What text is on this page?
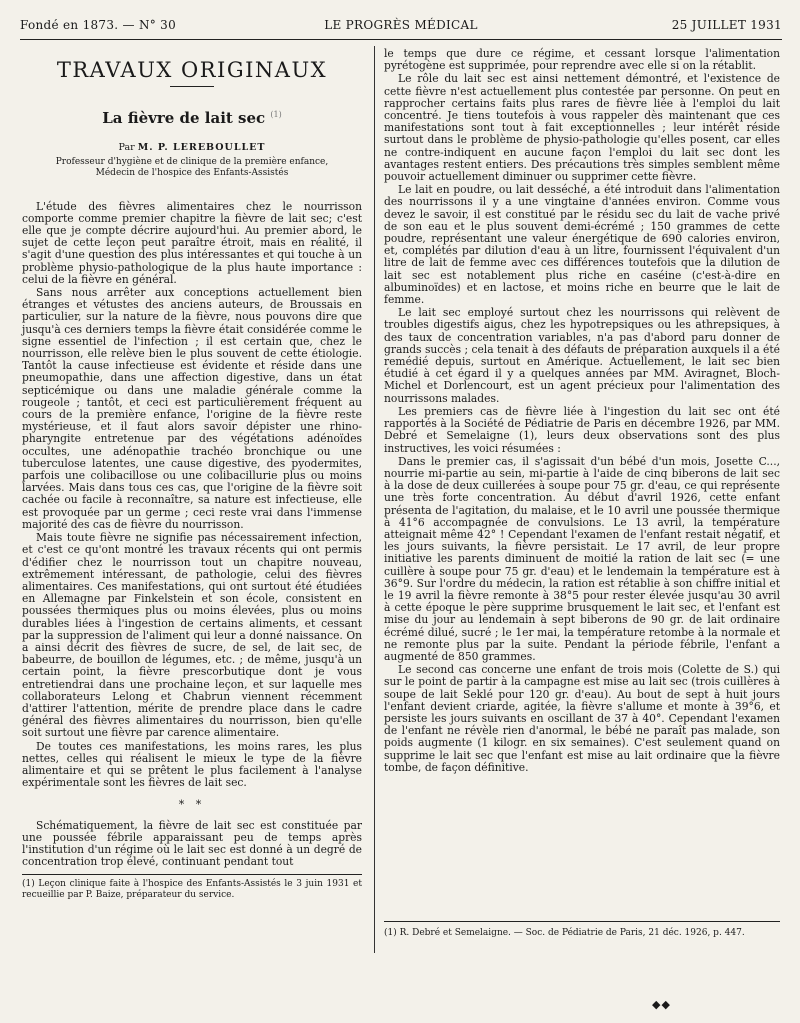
Fondé en 1873. — N° 30	LE PROGRÈS MÉDICAL	25 JUILLET 1931
TRAVAUX ORIGINAUX
La fièvre de lait sec $^{(1)}$
Par M. P. LEREBOULLET
Professeur d'hygiène et de clinique de la première enfance,
Médecin de l'hospice des Enfants-Assistés

L'étude des fièvres alimentaires chez le nourrisson comporte comme premier chapitre la fièvre de lait sec; c'est elle que je compte décrire aujourd'hui. Au premier abord, le sujet de cette leçon peut paraître étroit, mais en réalité, il s'agit d'une question des plus intéressantes et qui touche à un problème physio-pathologique de la plus haute importance : celui de la fièvre en général.

Sans nous arrêter aux conceptions actuellement bien étranges et vétustes des anciens auteurs, de Broussais en particulier, sur la nature de la fièvre, nous pouvons dire que jusqu'à ces derniers temps la fièvre était considérée comme le signe essentiel de l'infection ; il est certain que, chez le nourrisson, elle relève bien le plus souvent de cette étiologie. Tantôt la cause infectieuse est évidente et réside dans une pneumopathie, dans une affection digestive, dans un état septicémique ou dans une maladie générale comme la rougeole ; tantôt, et ceci est particulièrement fréquent au cours de la première enfance, l'origine de la fièvre reste mystérieuse, et il faut alors savoir dépister une rhino-pharyngite entretenue par des végétations adénoïdes occultes, une adénopathie trachéo bronchique ou une tuberculose latentes, une cause digestive, des pyodermites, parfois une colibacillose ou une colibacillurie plus ou moins larvées. Mais dans tous ces cas, que l'origine de la fièvre soit cachée ou facile à reconnaître, sa nature est infectieuse, elle est provoquée par un germe ; ceci reste vrai dans l'immense majorité des cas de fièvre du nourrisson.

Mais toute fièvre ne signifie pas nécessairement infection, et c'est ce qu'ont montré les travaux récents qui ont permis d'édifier chez le nourrisson tout un chapitre nouveau, extrêmement intéressant, de pathologie, celui des fièvres alimentaires. Ces manifestations, qui ont surtout été étudiées en Allemagne par Finkelstein et son école, consistent en poussées thermiques plus ou moins élevées, plus ou moins durables liées à l'ingestion de certains aliments, et cessant par la suppression de l'aliment qui leur a donné naissance. On a ainsi décrit des fièvres de sucre, de sel, de lait sec, de babeurre, de bouillon de légumes, etc. ; de même, jusqu'à un certain point, la fièvre prescorbutique dont je vous entretiendrai dans une prochaine leçon, et sur laquelle mes collaborateurs Lelong et Chabrun viennent récemment d'attirer l'attention, mérite de prendre place dans le cadre général des fièvres alimentaires du nourrisson, bien qu'elle soit surtout une fièvre par carence alimentaire.

De toutes ces manifestations, les moins rares, les plus nettes, celles qui réalisent le mieux le type de la fièvre alimentaire et qui se prêtent le plus facilement à l'analyse expérimentale sont les fièvres de lait sec.

* *

Schématiquement, la fièvre de lait sec est constituée par une poussée fébrile apparaissant peu de temps après l'institution d'un régime où le lait sec est donné à un degré de concentration trop élevé, continuant pendant tout

(1) Leçon clinique faite à l'hospice des Enfants-Assistés le 3 juin 1931 et recueillie par P. Baize, préparateur du service.

le temps que dure ce régime, et cessant lorsque l'alimentation pyrétogène est supprimée, pour reprendre avec elle si on la rétablit.

Le rôle du lait sec est ainsi nettement démontré, et l'existence de cette fièvre n'est actuellement plus contestée par personne. On peut en rapprocher certains faits plus rares de fièvre liée à l'emploi du lait concentré. Je tiens toutefois à vous rappeler dès maintenant que ces manifestations sont tout à fait exceptionnelles ; leur intérêt réside surtout dans le problème de physio-pathologie qu'elles posent, car elles ne contre-indiquent en aucune façon l'emploi du lait sec dont les avantages restent entiers. Des précautions très simples semblent même pouvoir actuellement diminuer ou supprimer cette fièvre.

Le lait en poudre, ou lait desséché, a été introduit dans l'alimentation des nourrissons il y a une vingtaine d'années environ. Comme vous devez le savoir, il est constitué par le résidu sec du lait de vache privé de son eau et le plus souvent demi-écrémé ; 150 grammes de cette poudre, représentant une valeur énergétique de 690 calories environ, et, complétés par dilution d'eau à un litre, fournissent l'équivalent d'un litre de lait de femme avec ces différences toutefois que la dilution de lait sec est notablement plus riche en caséine (c'est-à-dire en albuminoïdes) et en lactose, et moins riche en beurre que le lait de femme.

Le lait sec employé surtout chez les nourrissons qui relèvent de troubles digestifs aigus, chez les hypotrepsiques ou les athrepsiques, à des taux de concentration variables, n'a pas d'abord paru donner de grands succès ; cela tenait à des défauts de préparation auxquels il a été remédié depuis, surtout en Amérique. Actuellement, le lait sec bien étudié à cet égard il y a quelques années par MM. Aviragnet, Bloch-Michel et Dorlencourt, est un agent précieux pour l'alimentation des nourrissons malades.

Les premiers cas de fièvre liée à l'ingestion du lait sec ont été rapportés à la Société de Pédiatrie de Paris en décembre 1926, par MM. Debré et Semelaigne (1), leurs deux observations sont des plus instructives, les voici résumées :

Dans le premier cas, il s'agissait d'un bébé d'un mois, Josette C..., nourrie mi-partie au sein, mi-partie à l'aide de cinq biberons de lait sec à la dose de deux cuillerées à soupe pour 75 gr. d'eau, ce qui représente une très forte concentration. Au début d'avril 1926, cette enfant présenta de l'agitation, du malaise, et le 10 avril une poussée thermique à 41°6 accompagnée de convulsions. Le 13 avril, la température atteignait même 42° ! Cependant l'examen de l'enfant restait négatif, et les jours suivants, la fièvre persistait. Le 17 avril, de leur propre initiative les parents diminuent de moitié la ration de lait sec (= une cuillère à soupe pour 75 gr. d'eau) et le lendemain la température est à 36°9. Sur l'ordre du médecin, la ration est rétablie à son chiffre initial et le 19 avril la fièvre remonte à 38°5 pour rester élevée jusqu'au 30 avril à cette époque le père supprime brusquement le lait sec, et l'enfant est mise du jour au lendemain à sept biberons de 90 gr. de lait ordinaire écrémé dilué, sucré ; le 1er mai, la température retombe à la normale et ne remonte plus par la suite. Pendant la période fébrile, l'enfant a augmenté de 850 grammes.

Le second cas concerne une enfant de trois mois (Colette de S.) qui sur le point de partir à la campagne est mise au lait sec (trois cuillères à soupe de lait Seklé pour 120 gr. d'eau). Au bout de sept à huit jours l'enfant devient criarde, agitée, la fièvre s'allume et monte à 39°6, et persiste les jours suivants en oscillant de 37 à 40°. Cependant l'examen de l'enfant ne révèle rien d'anormal, le bébé ne paraît pas malade, son poids augmente (1 kilogr. en six semaines). C'est seulement quand on supprime le lait sec que l'enfant est mise au lait ordinaire que la fièvre tombe, de façon définitive.

(1) R. Debré et Semelaigne. — Soc. de Pédiatrie de Paris, 21 déc. 1926, p. 447.

◆◆
